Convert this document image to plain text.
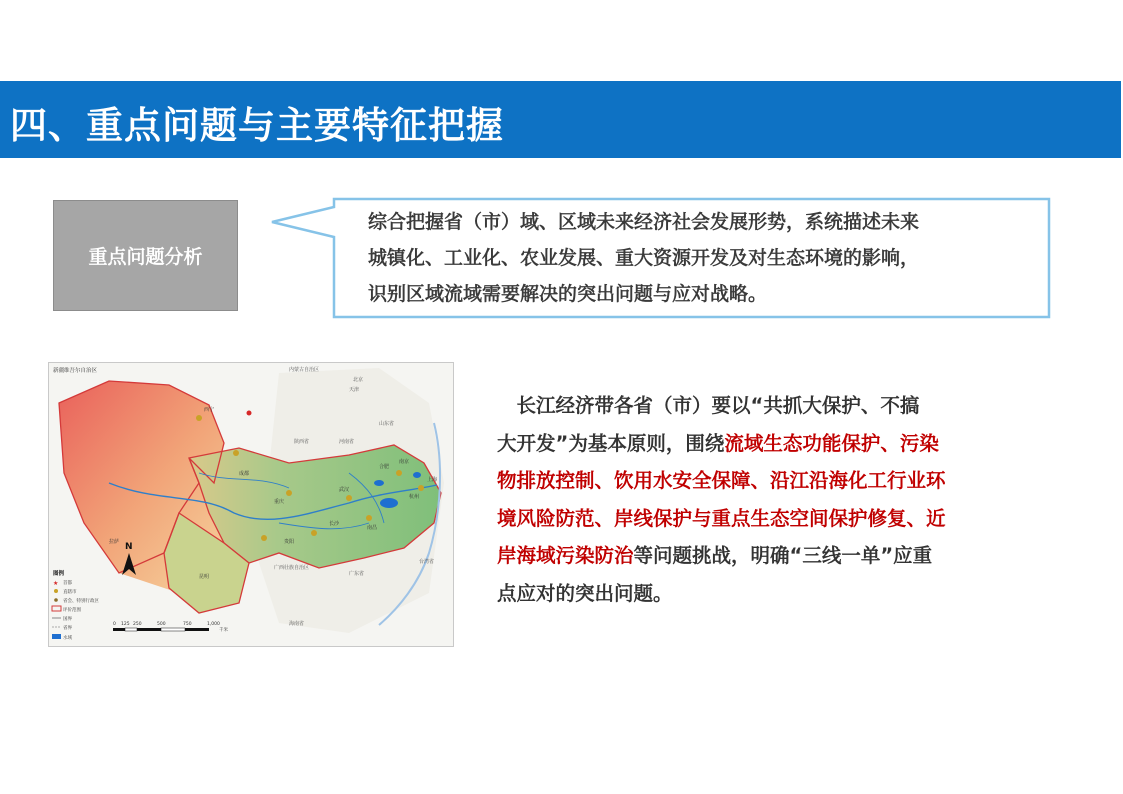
四、重点问题与主要特征把握
重点问题分析

综合把握省（市）域、区域未来经济社会发展形势，系统描述未来

城镇化、工业化、农业发展、重大资源开发及对生态环境的影响，

识别区域流域需要解决的突出问题与应对战略。

新疆维吾尔自治区	内蒙古自治区
北京
天津
西宁
拉萨
成都
重庆
武汉
长沙
南昌
合肥
南京
上海
杭州
贵阳
昆明
广西壮族自治区
广东省
海南省
台湾省
陕西省	河南省
山东省
N
图例
★ 首都
直辖市
省会、特别行政区
评价范围
国界
省界
水域
0 125 250	500	750	1,000
千米

 长江经济带各省（市）要以“共抓大保护、不搞

大开发”为基本原则，围绕流域生态功能保护、污染

物排放控制、饮用水安全保障、沿江沿海化工行业环

境风险防范、岸线保护与重点生态空间保护修复、近

岸海域污染防治等问题挑战，明确“三线一单”应重

点应对的突出问题。
